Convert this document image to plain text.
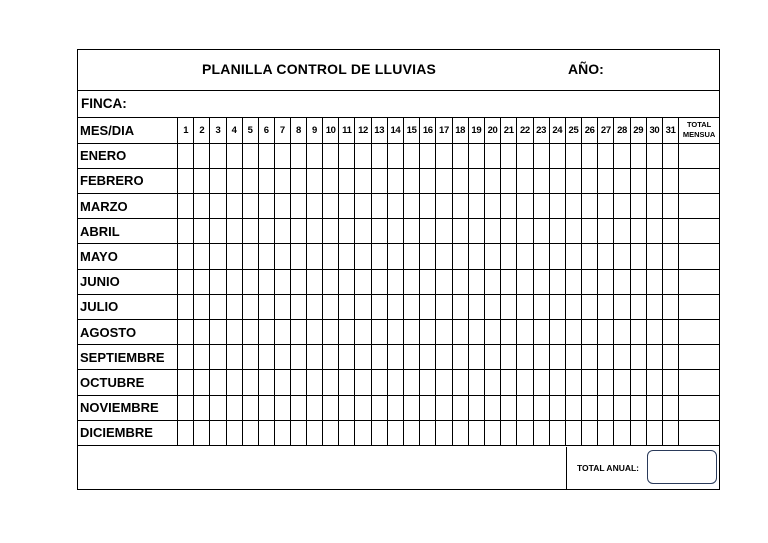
PLANILLA CONTROL DE LLUVIAS	AÑO:
FINCA:
MES/DIA	1	2	3	4	5	6	7	8	9	10	11	12	13	14	15	16	17	18	19	20	21	22	23	24	25	26	27	28	29	30	31	TOTAL
MENSUA

ENERO																																
FEBRERO																																
MARZO																																
ABRIL																																
MAYO																																
JUNIO																																
JULIO																																
AGOSTO																																
SEPTIEMBRE																																
OCTUBRE																																
NOVIEMBRE																																
DICIEMBRE																																
TOTAL ANUAL:
